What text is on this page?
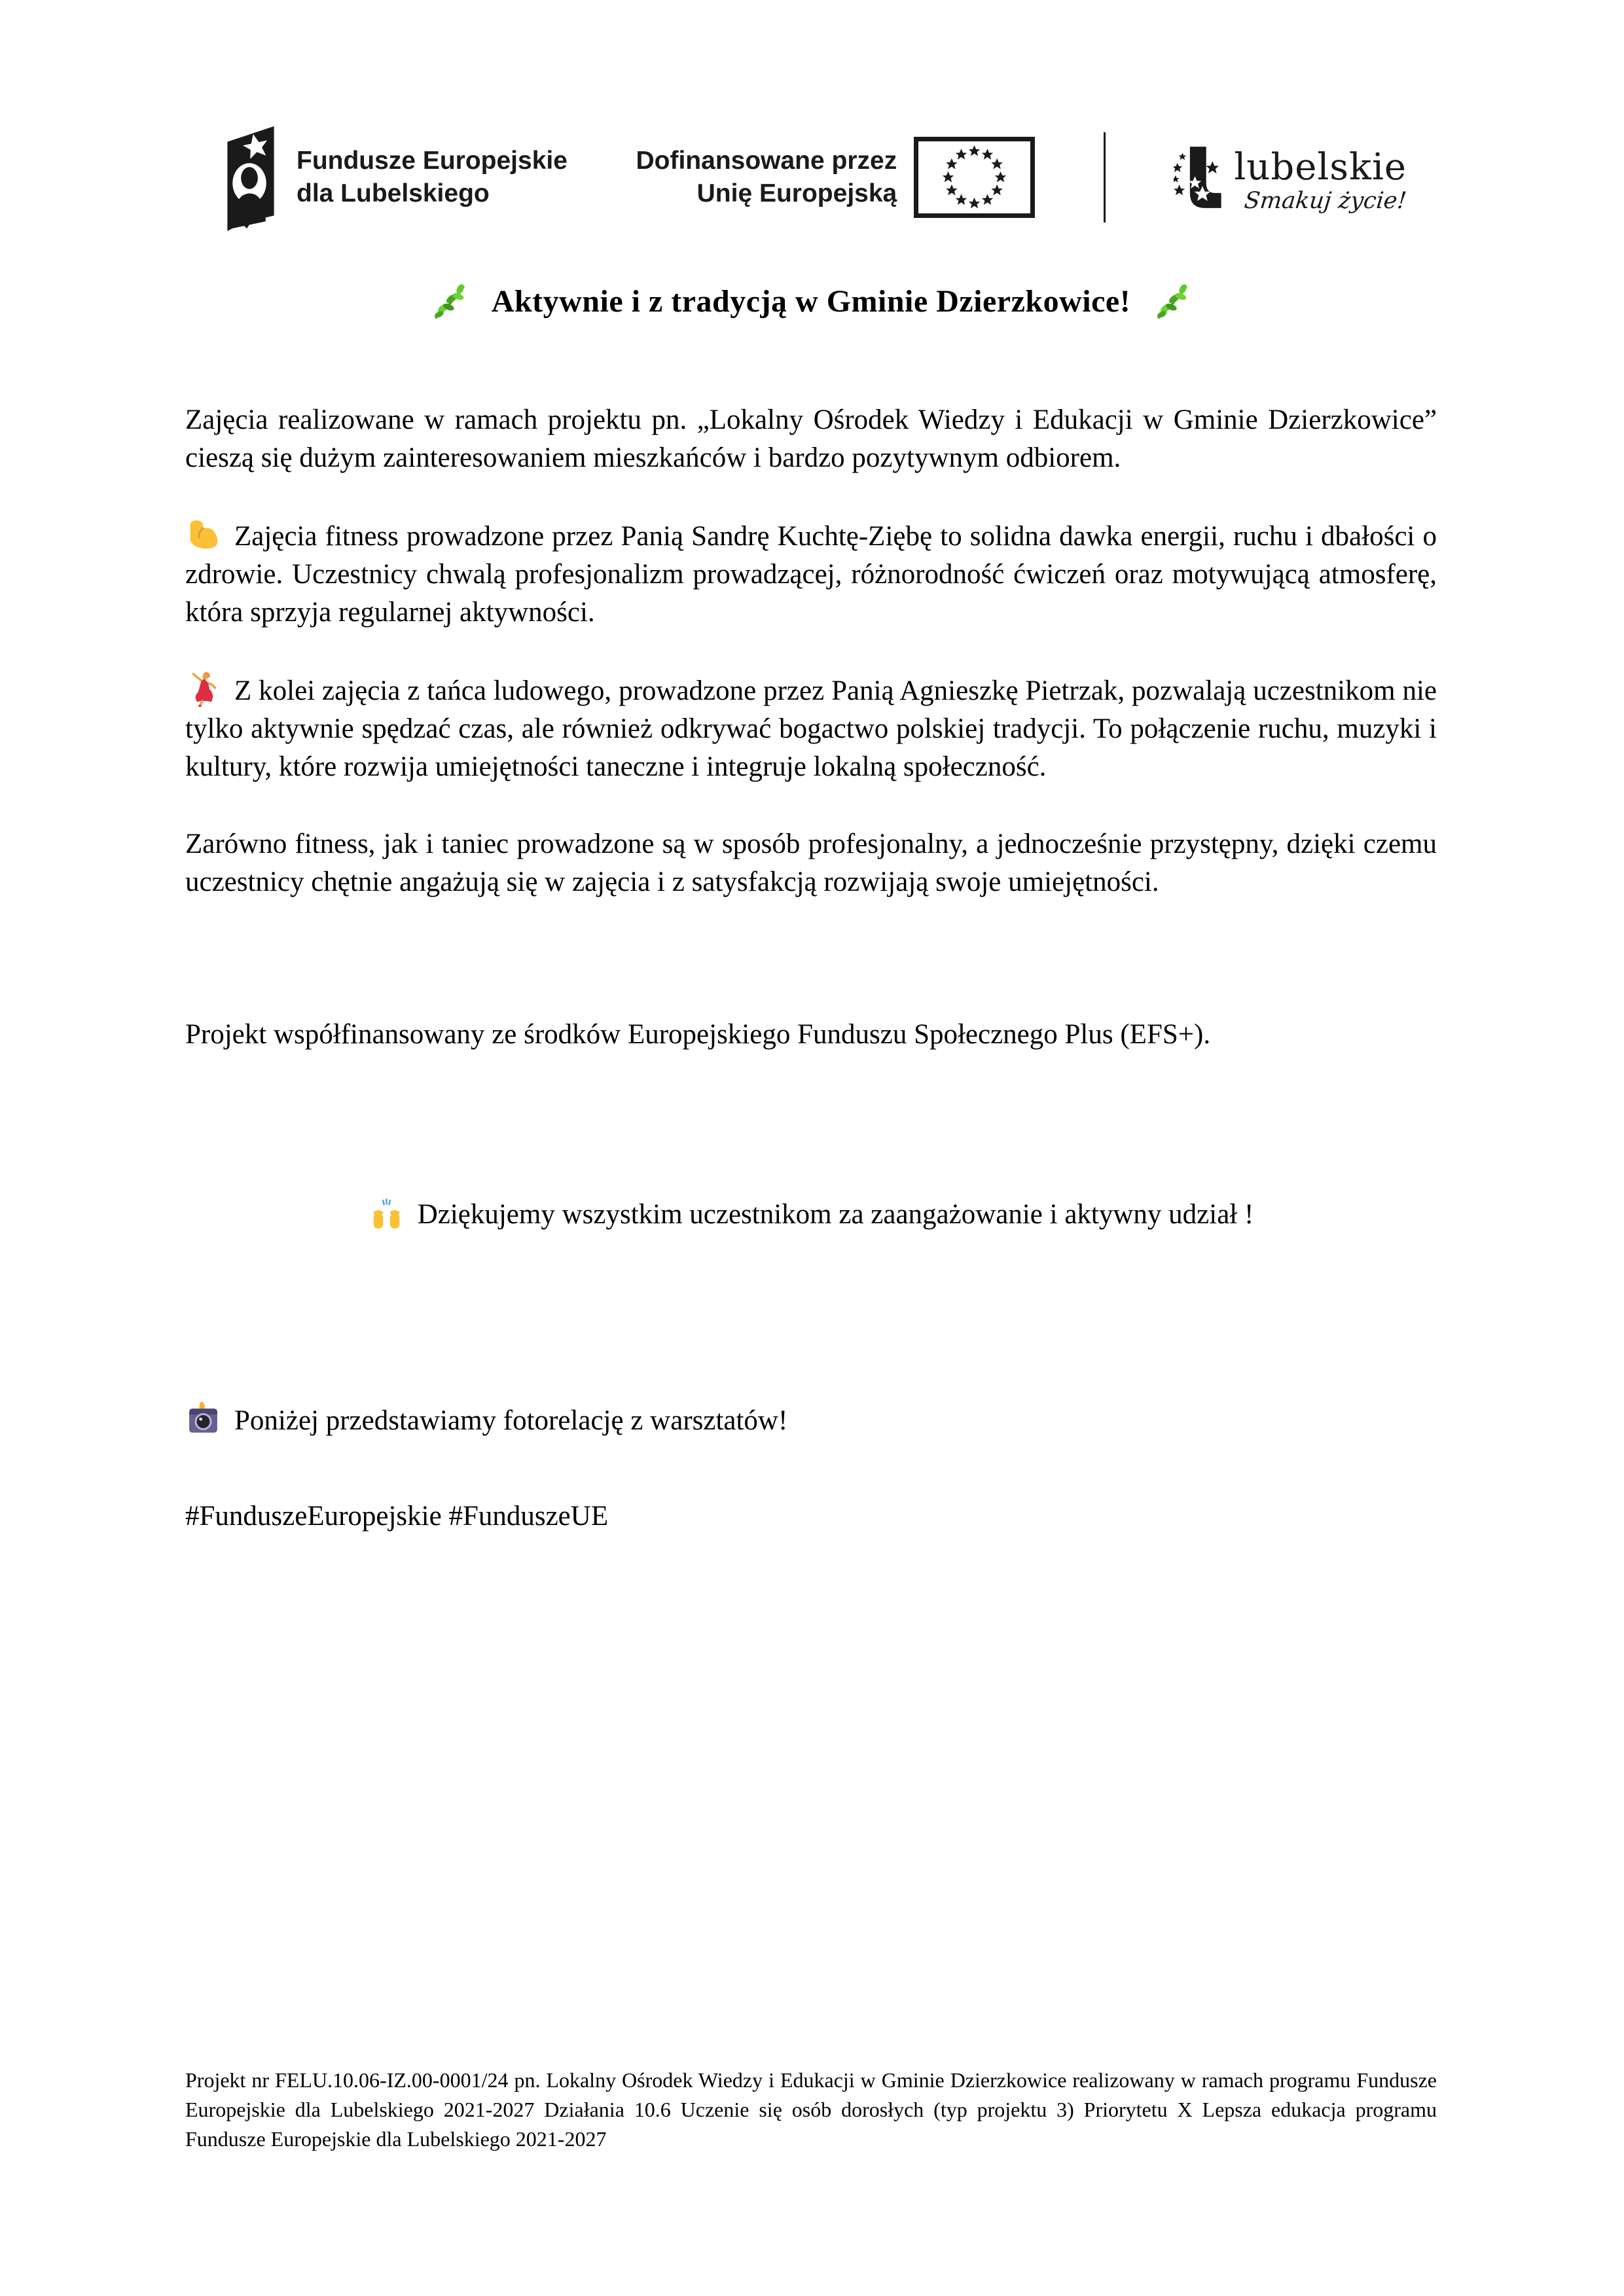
Fundusze Europejskie
dla Lubelskiego
Dofinansowane przez
Unię Europejską
lubelskie
Smakuj życie!
Aktywnie i z tradycją w Gminie Dzierzkowice!

Zajęcia realizowane w ramach projektu pn. „Lokalny Ośrodek Wiedzy i Edukacji w Gminie Dzierzkowice” cieszą się dużym zainteresowaniem mieszkańców i bardzo pozytywnym odbiorem.

Zajęcia fitness prowadzone przez Panią Sandrę Kuchtę-Ziębę to solidna dawka energii, ruchu i dbałości o zdrowie. Uczestnicy chwalą profesjonalizm prowadzącej, różnorodność ćwiczeń oraz motywującą atmosferę, która sprzyja regularnej aktywności.

Z kolei zajęcia z tańca ludowego, prowadzone przez Panią Agnieszkę Pietrzak, pozwalają uczestnikom nie tylko aktywnie spędzać czas, ale również odkrywać bogactwo polskiej tradycji. To połączenie ruchu, muzyki i kultury, które rozwija umiejętności taneczne i integruje lokalną społeczność.

Zarówno fitness, jak i taniec prowadzone są w sposób profesjonalny, a jednocześnie przystępny, dzięki czemu uczestnicy chętnie angażują się w zajęcia i z satysfakcją rozwijają swoje umiejętności.

Projekt współfinansowany ze środków Europejskiego Funduszu Społecznego Plus (EFS+).

Dziękujemy wszystkim uczestnikom za zaangażowanie i aktywny udział !

Poniżej przedstawiamy fotorelację z warsztatów!

#FunduszeEuropejskie #FunduszeUE

Projekt nr FELU.10.06-IZ.00-0001/24 pn. Lokalny Ośrodek Wiedzy i Edukacji w Gminie Dzierzkowice realizowany w ramach programu Fundusze Europejskie dla Lubelskiego 2021-2027 Działania 10.6 Uczenie się osób dorosłych (typ projektu 3) Priorytetu X Lepsza edukacja programu Fundusze Europejskie dla Lubelskiego 2021-2027
